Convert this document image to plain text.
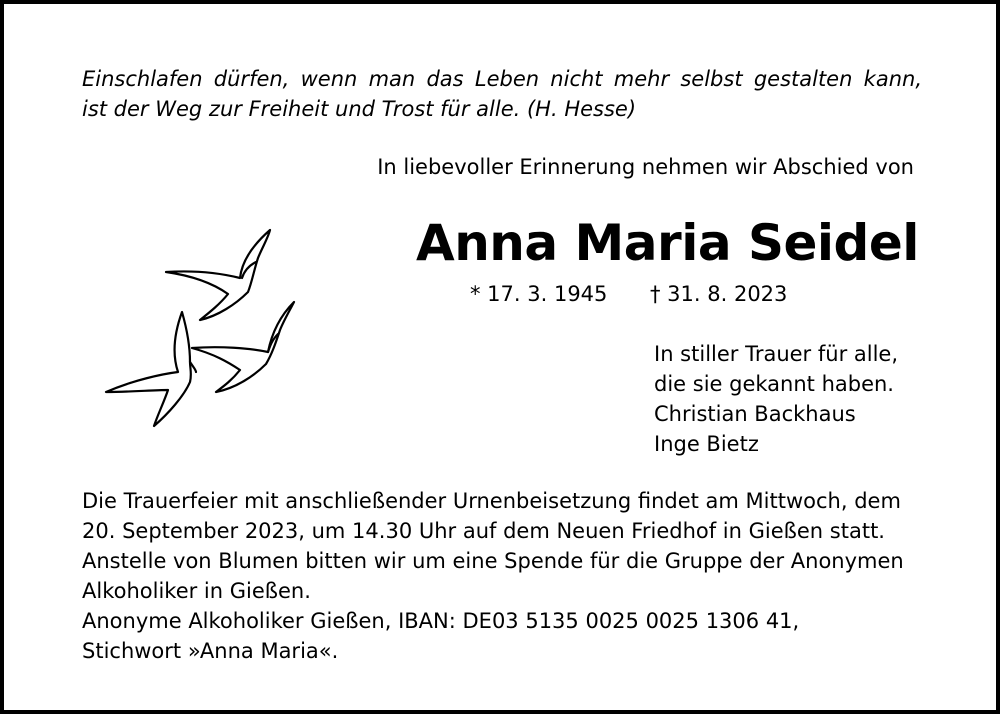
Einschlafen dürfen, wenn man das Leben nicht mehr selbst gestalten kann,
ist der Weg zur Freiheit und Trost für alle. (H. Hesse)
In liebevoller Erinnerung nehmen wir Abschied von
Anna Maria Seidel
* 17. 3. 1945 † 31. 8. 2023
In stiller Trauer für alle,
die sie gekannt haben.
Christian Backhaus
Inge Bietz
Die Trauerfeier mit anschließender Urnenbeisetzung findet am Mittwoch, dem
20. September 2023, um 14.30 Uhr auf dem Neuen Friedhof in Gießen statt.
Anstelle von Blumen bitten wir um eine Spende für die Gruppe der Anonymen
Alkoholiker in Gießen.
Anonyme Alkoholiker Gießen, IBAN: DE03 5135 0025 0025 1306 41,
Stichwort »Anna Maria«.
